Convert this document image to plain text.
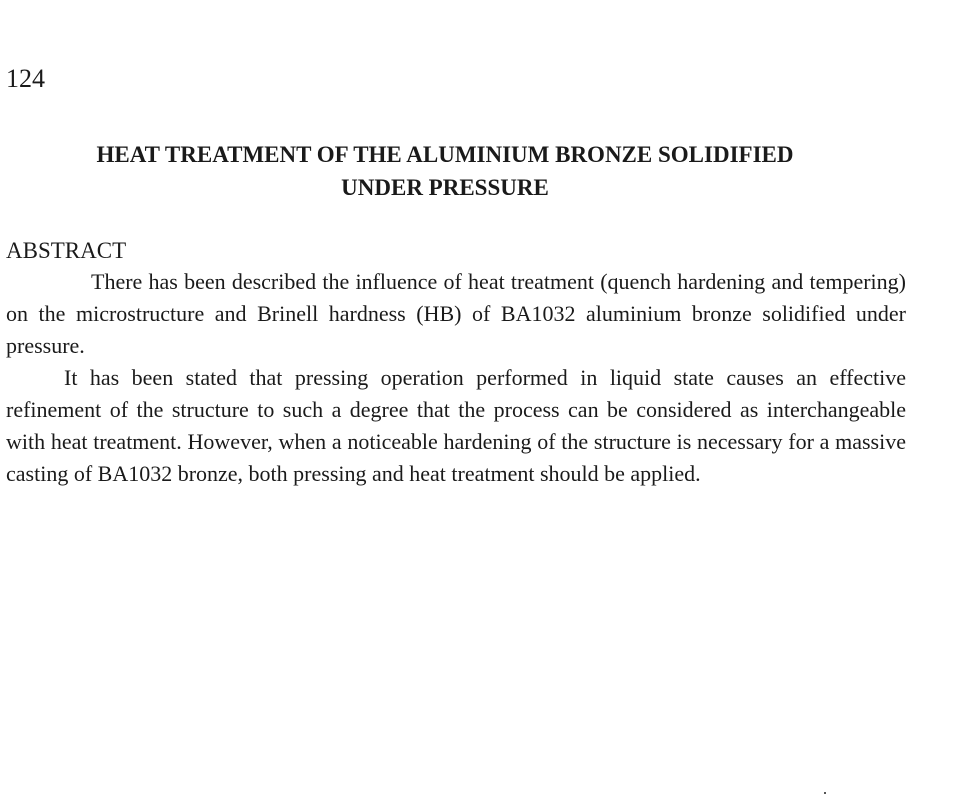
124
HEAT TREATMENT OF THE ALUMINIUM BRONZE SOLIDIFIED
UNDER PRESSURE
ABSTRACT

There has been described the influence of heat treatment (quench hardening and tempering) on the microstructure and Brinell hardness (HB) of BA1032 aluminium bronze solidified under pressure.

It has been stated that pressing operation performed in liquid state causes an effective refinement of the structure to such a degree that the process can be considered as interchangeable with heat treatment. However, when a noticeable hardening of the structure is necessary for a massive casting of BA1032 bronze, both pressing and heat treatment should be applied.
